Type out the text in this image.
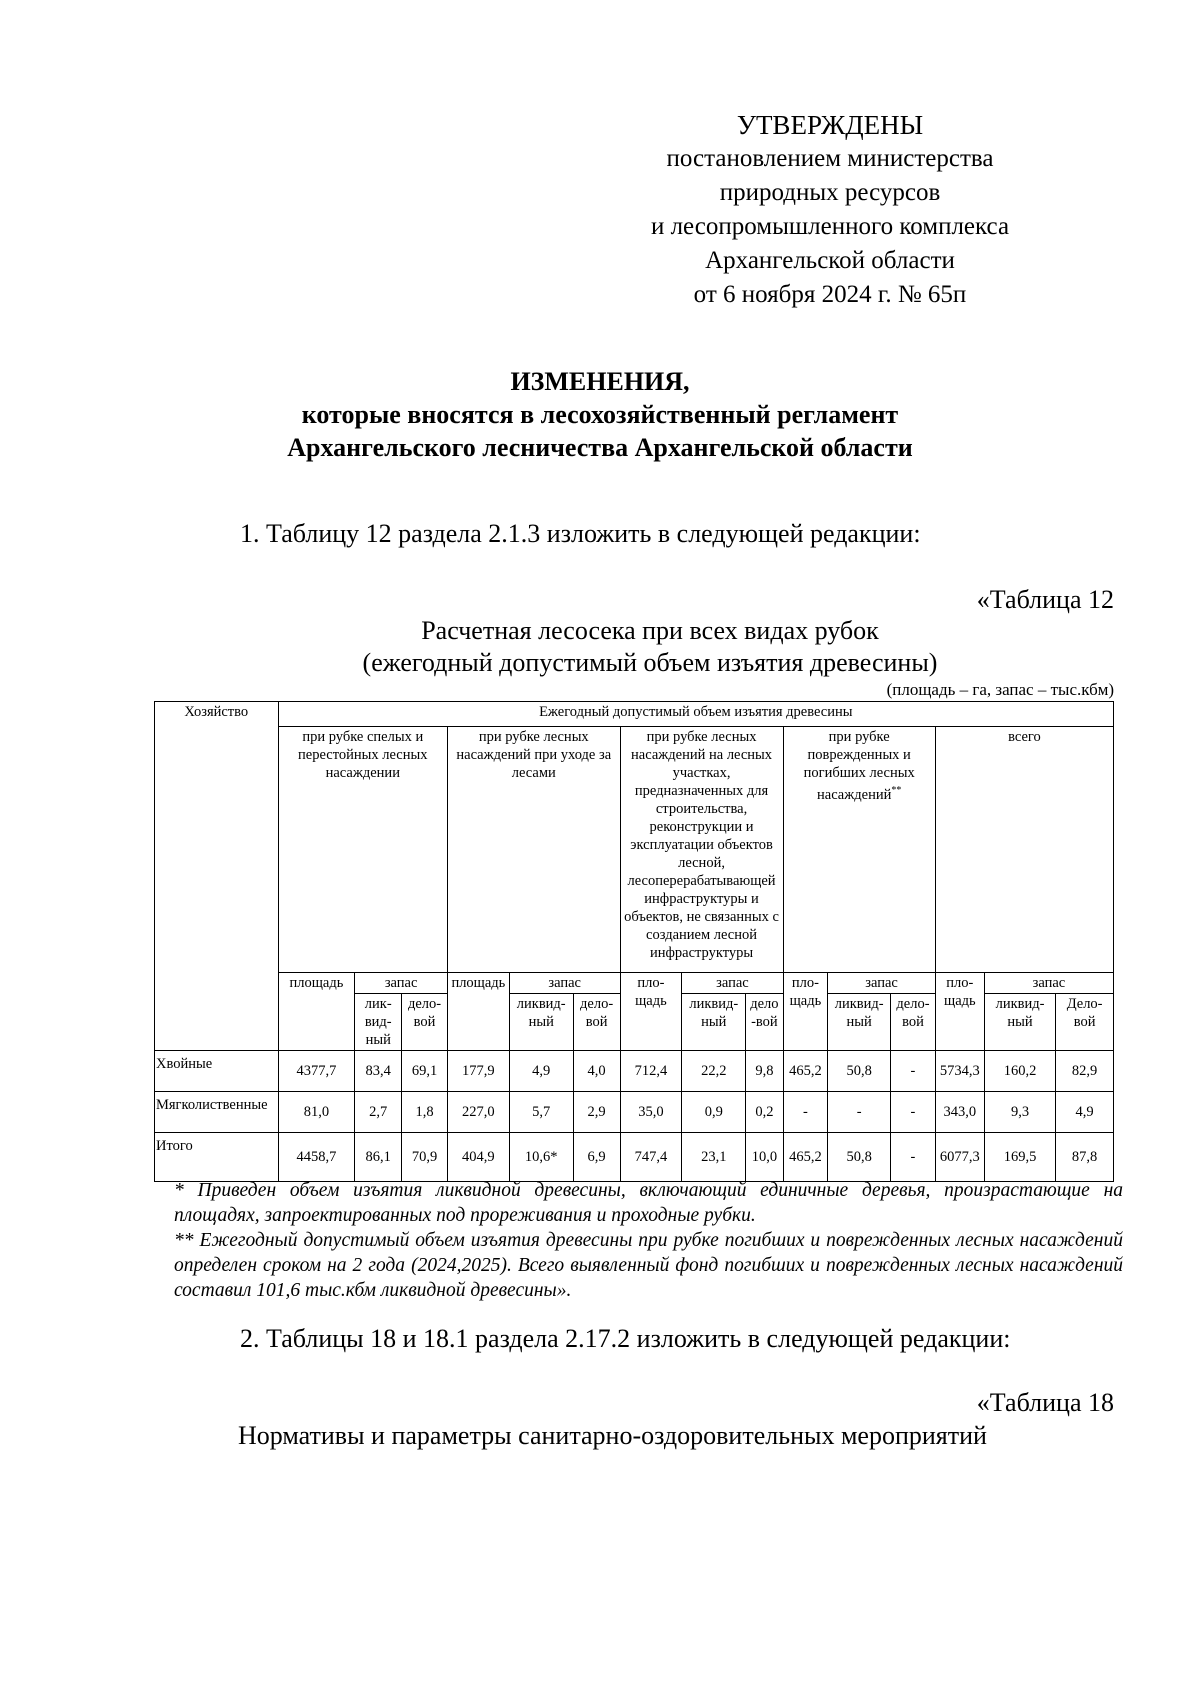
УТВЕРЖДЕНЫ
постановлением министерства
природных ресурсов
и лесопромышленного комплекса
Архангельской области
от 6 ноября 2024 г. № 65п
ИЗМЕНЕНИЯ,
которые вносятся в лесохозяйственный регламент
Архангельского лесничества Архангельской области
1. Таблицу 12 раздела 2.1.3 изложить в следующей редакции:
«Таблица 12
Расчетная лесосека при всех видах рубок
(ежегодный допустимый объем изъятия древесины)
(площадь – га, запас – тыс.кбм)
Хозяйство	Ежегодный допустимый объем изъятия древесины														
	при рубке спелых и перестойных лесных насаждении			при рубке лесных насаждений при уходе за лесами			при рубке лесных насаждений на лесных участках, предназначенных для строительства, реконструкции и эксплуатации объектов лесной, лесоперерабатывающей инфраструктуры и объектов, не связанных с созданием лесной инфраструктуры			при рубке поврежденных и погибших лесных насаждений**			всего		
	площадь	запас		площадь	запас		пло-щадь	запас		пло-щадь	запас		пло-щадь	запас	
		лик-вид-ный	дело-вой		ликвид-ный	дело-вой		ликвид-ный	дело -вой		ликвид-ный	дело-вой		ликвид-ный	Дело-вой
Хвойные	4377,7	83,4	69,1	177,9	4,9	4,0	712,4	22,2	9,8	465,2	50,8	-	5734,3	160,2	82,9
Мягколиственные	81,0	2,7	1,8	227,0	5,7	2,9	35,0	0,9	0,2	-	-	-	343,0	9,3	4,9
Итого	4458,7	86,1	70,9	404,9	10,6*	6,9	747,4	23,1	10,0	465,2	50,8	-	6077,3	169,5	87,8

* Приведен объем изъятия ликвидной древесины, включающий единичные деревья, произрастающие на площадях, запроектированных под прореживания и проходные рубки.

** Ежегодный допустимый объем изъятия древесины при рубке погибших и поврежденных лесных насаждений определен сроком на 2 года (2024,2025). Всего выявленный фонд погибших и поврежденных лесных насаждений составил 101,6 тыс.кбм ликвидной древесины».

2. Таблицы 18 и 18.1 раздела 2.17.2 изложить в следующей редакции:
«Таблица 18
Нормативы и параметры санитарно-оздоровительных мероприятий
